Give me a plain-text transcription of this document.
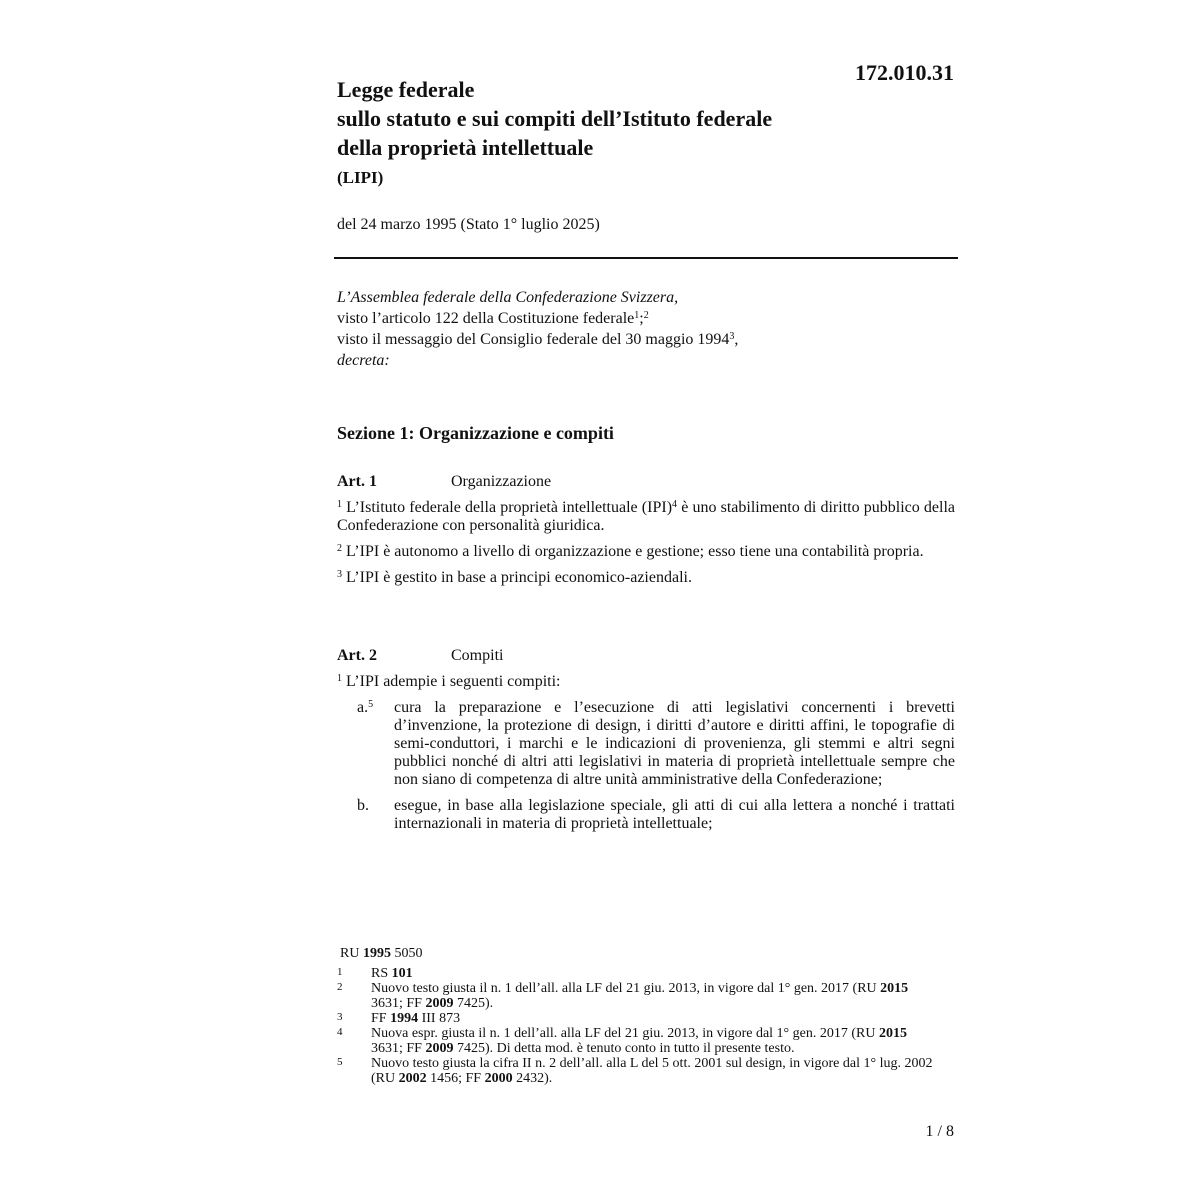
172.010.31

Legge federale

sullo statuto e sui compiti dell’Istituto federale

della proprietà intellettuale

(LIPI)
del 24 marzo 1995 (Stato 1° luglio 2025)

L’Assemblea federale della Confederazione Svizzera,

visto l’articolo 122 della Costituzione federale$^1$;$^2$

visto il messaggio del Consiglio federale del 30 maggio 1994$^3$,

decreta:

Sezione 1: Organizzazione e compiti
Art. 1	Organizzazione

$^1$ L’Istituto federale della proprietà intellettuale (IPI)$^4$ è uno stabilimento di diritto pubblico della Confederazione con personalità giuridica.

$^2$ L’IPI è autonomo a livello di organizzazione e gestione; esso tiene una contabilità propria.

$^3$ L’IPI è gestito in base a principi economico-aziendali.

Art. 2	Compiti

$^1$ L’IPI adempie i seguenti compiti:

a.$^5$	cura la preparazione e l’esecuzione di atti legislativi concernenti i brevetti d’invenzione, la protezione di design, i diritti d’autore e diritti affini, le topografie di semi-conduttori, i marchi e le indicazioni di provenienza, gli stemmi e altri segni pubblici nonché di altri atti legislativi in materia di proprietà intellettuale sempre che non siano di competenza di altre unità amministrative della Confederazione;
b.	esegue, in base alla legislazione speciale, gli atti di cui alla lettera a nonché i trattati internazionali in materia di proprietà intellettuale;
RU 1995 5050
1	RS 101
2	Nuovo testo giusta il n. 1 dell’all. alla LF del 21 giu. 2013, in vigore dal 1° gen. 2017 (RU 2015 3631; FF 2009 7425).
3	FF 1994 III 873
4	Nuova espr. giusta il n. 1 dell’all. alla LF del 21 giu. 2013, in vigore dal 1° gen. 2017 (RU 2015 3631; FF 2009 7425). Di detta mod. è tenuto conto in tutto il presente testo.
5	Nuovo testo giusta la cifra II n. 2 dell’all. alla L del 5 ott. 2001 sul design, in vigore dal 1° lug. 2002 (RU 2002 1456; FF 2000 2432).
1 / 8
